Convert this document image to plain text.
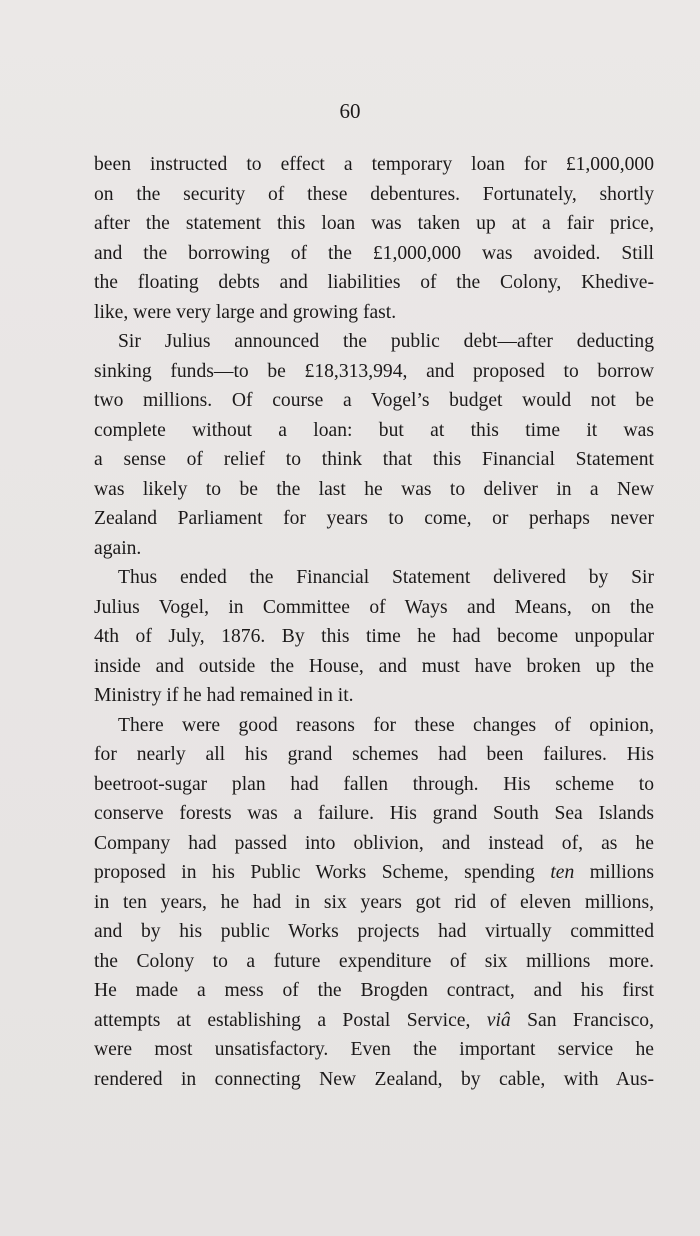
60
been instructed to effect a temporary loan for £1,000,000
on the security of these debentures. Fortunately, shortly
after the statement this loan was taken up at a fair price,
and the borrowing of the £1,000,000 was avoided. Still
the floating debts and liabilities of the Colony, Khedive-
like, were very large and growing fast.
Sir Julius announced the public debt—after deducting
sinking funds—to be £18,313,994, and proposed to borrow
two millions. Of course a Vogel’s budget would not be
complete without a loan: but at this time it was
a sense of relief to think that this Financial Statement
was likely to be the last he was to deliver in a New
Zealand Parliament for years to come, or perhaps never
again.
Thus ended the Financial Statement delivered by Sir
Julius Vogel, in Committee of Ways and Means, on the
4th of July, 1876. By this time he had become unpopular
inside and outside the House, and must have broken up the
Ministry if he had remained in it.
There were good reasons for these changes of opinion,
for nearly all his grand schemes had been failures. His
beetroot-sugar plan had fallen through. His scheme to
conserve forests was a failure. His grand South Sea Islands
Company had passed into oblivion, and instead of, as he
proposed in his Public Works Scheme, spending ten millions
in ten years, he had in six years got rid of eleven millions,
and by his public Works projects had virtually committed
the Colony to a future expenditure of six millions more.
He made a mess of the Brogden contract, and his first
attempts at establishing a Postal Service, viâ San Francisco,
were most unsatisfactory. Even the important service he
rendered in connecting New Zealand, by cable, with Aus-
